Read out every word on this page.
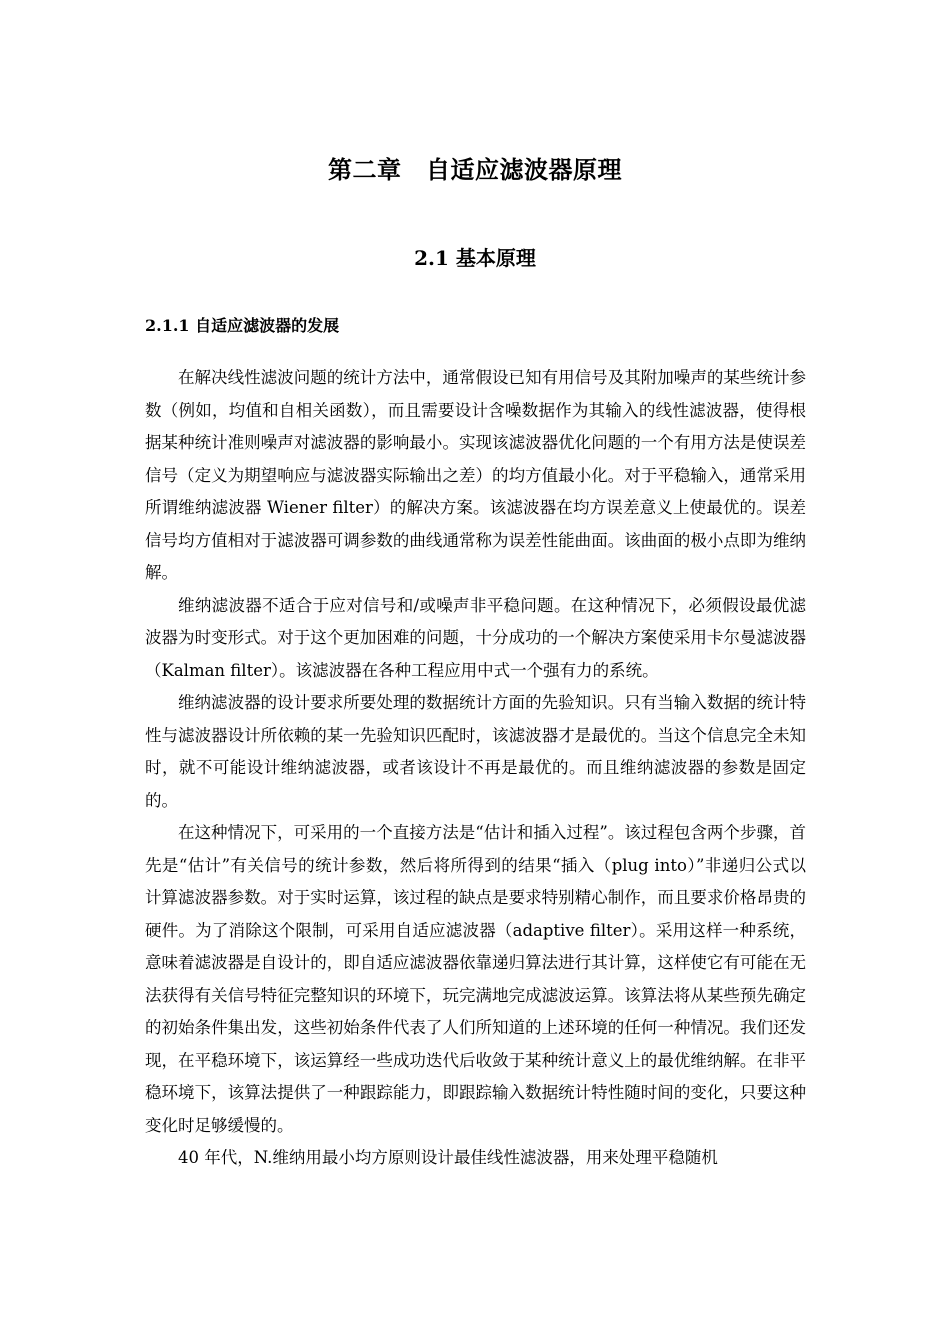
第二章　自适应滤波器原理
2.1 基本原理
2.1.1 自适应滤波器的发展

在解决线性滤波问题的统计方法中，通常假设已知有用信号及其附加噪声的某些统计参数（例如，均值和自相关函数），而且需要设计含噪数据作为其输入的线性滤波器，使得根据某种统计准则噪声对滤波器的影响最小。实现该滤波器优化问题的一个有用方法是使误差信号（定义为期望响应与滤波器实际输出之差）的均方值最小化。对于平稳输入，通常采用所谓维纳滤波器 Wiener filter）的解决方案。该滤波器在均方误差意义上使最优的。误差信号均方值相对于滤波器可调参数的曲线通常称为误差性能曲面。该曲面的极小点即为维纳解。

维纳滤波器不适合于应对信号和/或噪声非平稳问题。在这种情况下，必须假设最优滤波器为时变形式。对于这个更加困难的问题，十分成功的一个解决方案使采用卡尔曼滤波器（Kalman filter）。该滤波器在各种工程应用中式一个强有力的系统。

维纳滤波器的设计要求所要处理的数据统计方面的先验知识。只有当输入数据的统计特性与滤波器设计所依赖的某一先验知识匹配时，该滤波器才是最优的。当这个信息完全未知时，就不可能设计维纳滤波器，或者该设计不再是最优的。而且维纳滤波器的参数是固定的。

在这种情况下，可采用的一个直接方法是“估计和插入过程”。该过程包含两个步骤，首先是“估计”有关信号的统计参数，然后将所得到的结果“插入（plug into）”非递归公式以计算滤波器参数。对于实时运算，该过程的缺点是要求特别精心制作，而且要求价格昂贵的硬件。为了消除这个限制，可采用自适应滤波器（adaptive filter）。采用这样一种系统，意味着滤波器是自设计的，即自适应滤波器依靠递归算法进行其计算，这样使它有可能在无法获得有关信号特征完整知识的环境下，玩完满地完成滤波运算。该算法将从某些预先确定的初始条件集出发，这些初始条件代表了人们所知道的上述环境的任何一种情况。我们还发现，在平稳环境下，该运算经一些成功迭代后收敛于某种统计意义上的最优维纳解。在非平稳环境下，该算法提供了一种跟踪能力，即跟踪输入数据统计特性随时间的变化，只要这种变化时足够缓慢的。

40 年代，N.维纳用最小均方原则设计最佳线性滤波器，用来处理平稳随机
